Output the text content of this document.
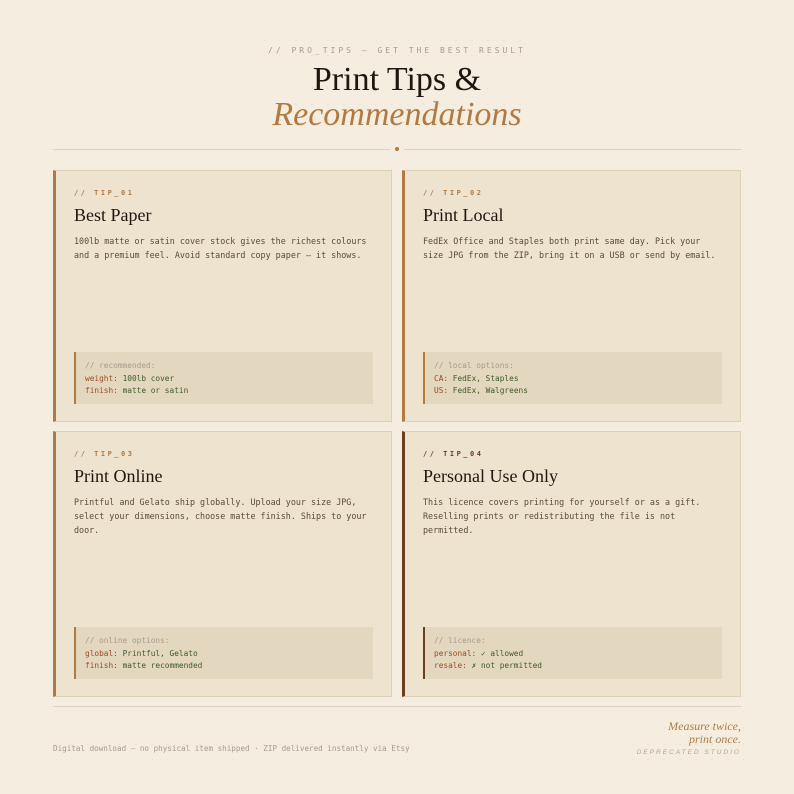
// PRO_TIPS — GET THE BEST RESULT
Print Tips &
Recommendations
// TIP_01
Best Paper
100lb matte or satin cover stock gives the richest colours and a premium feel. Avoid standard copy paper — it shows.
// recommended:
weight: 100lb cover
finish: matte or satin
// TIP_02
Print Local
FedEx Office and Staples both print same day. Pick your size JPG from the ZIP, bring it on a USB or send by email.
// local options:
CA: FedEx, Staples
US: FedEx, Walgreens
// TIP_03
Print Online
Printful and Gelato ship globally. Upload your size JPG, select your dimensions, choose matte finish. Ships to your door.
// online options:
global: Printful, Gelato
finish: matte recommended
// TIP_04
Personal Use Only
This licence covers printing for yourself or as a gift. Reselling prints or redistributing the file is not permitted.
// licence:
personal: ✓ allowed
resale: ✗ not permitted
Digital download — no physical item shipped · ZIP delivered instantly via Etsy
Measure twice,
print once.
DEPRECATED STUDIO
